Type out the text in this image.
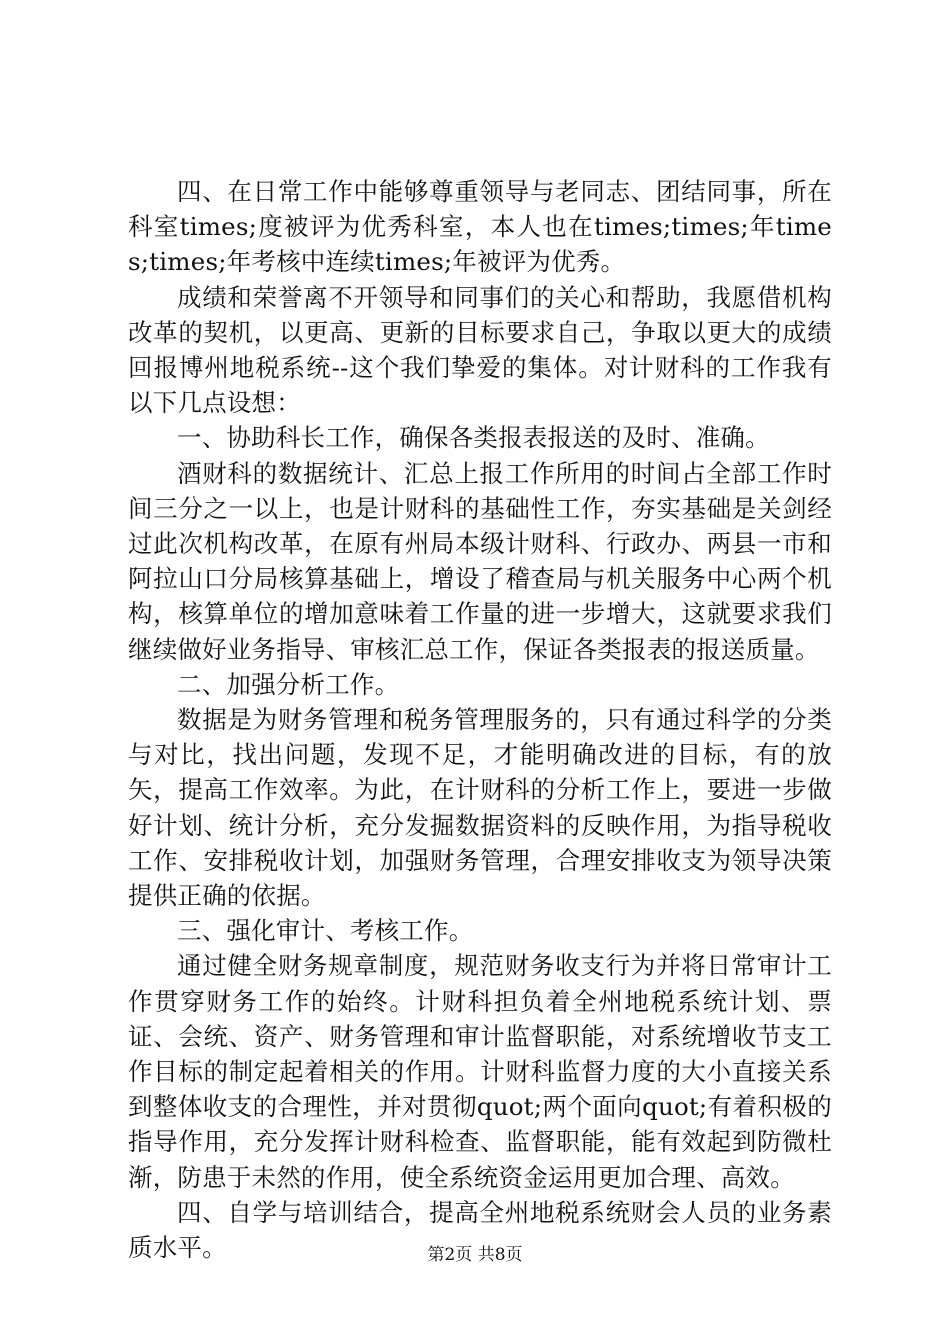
四、在日常工作中能够尊重领导与老同志、团结同事，所在科室times;度被评为优秀科室，本人也在times;times;年times;times;年考核中连续times;年被评为优秀。

成绩和荣誉离不开领导和同事们的关心和帮助，我愿借机构改革的契机，以更高、更新的目标要求自己，争取以更大的成绩回报博州地税系统--这个我们挚爱的集体。对计财科的工作我有以下几点设想：

一、协助科长工作，确保各类报表报送的及时、准确。

酒财科的数据统计、汇总上报工作所用的时间占全部工作时间三分之一以上，也是计财科的基础性工作，夯实基础是关剑经过此次机构改革，在原有州局本级计财科、行政办、两县一市和阿拉山口分局核算基础上，增设了稽查局与机关服务中心两个机构，核算单位的增加意味着工作量的进一步增大，这就要求我们继续做好业务指导、审核汇总工作，保证各类报表的报送质量。

二、加强分析工作。

数据是为财务管理和税务管理服务的，只有通过科学的分类与对比，找出问题，发现不足，才能明确改进的目标，有的放矢，提高工作效率。为此，在计财科的分析工作上，要进一步做好计划、统计分析，充分发掘数据资料的反映作用，为指导税收工作、安排税收计划，加强财务管理，合理安排收支为领导决策提供正确的依据。

三、强化审计、考核工作。

通过健全财务规章制度，规范财务收支行为并将日常审计工作贯穿财务工作的始终。计财科担负着全州地税系统计划、票证、会统、资产、财务管理和审计监督职能，对系统增收节支工作目标的制定起着相关的作用。计财科监督力度的大小直接关系到整体收支的合理性，并对贯彻quot;两个面向quot;有着积极的指导作用，充分发挥计财科检查、监督职能，能有效起到防微杜渐，防患于未然的作用，使全系统资金运用更加合理、高效。

四、自学与培训结合，提高全州地税系统财会人员的业务素质水平。	第2页 共8页
